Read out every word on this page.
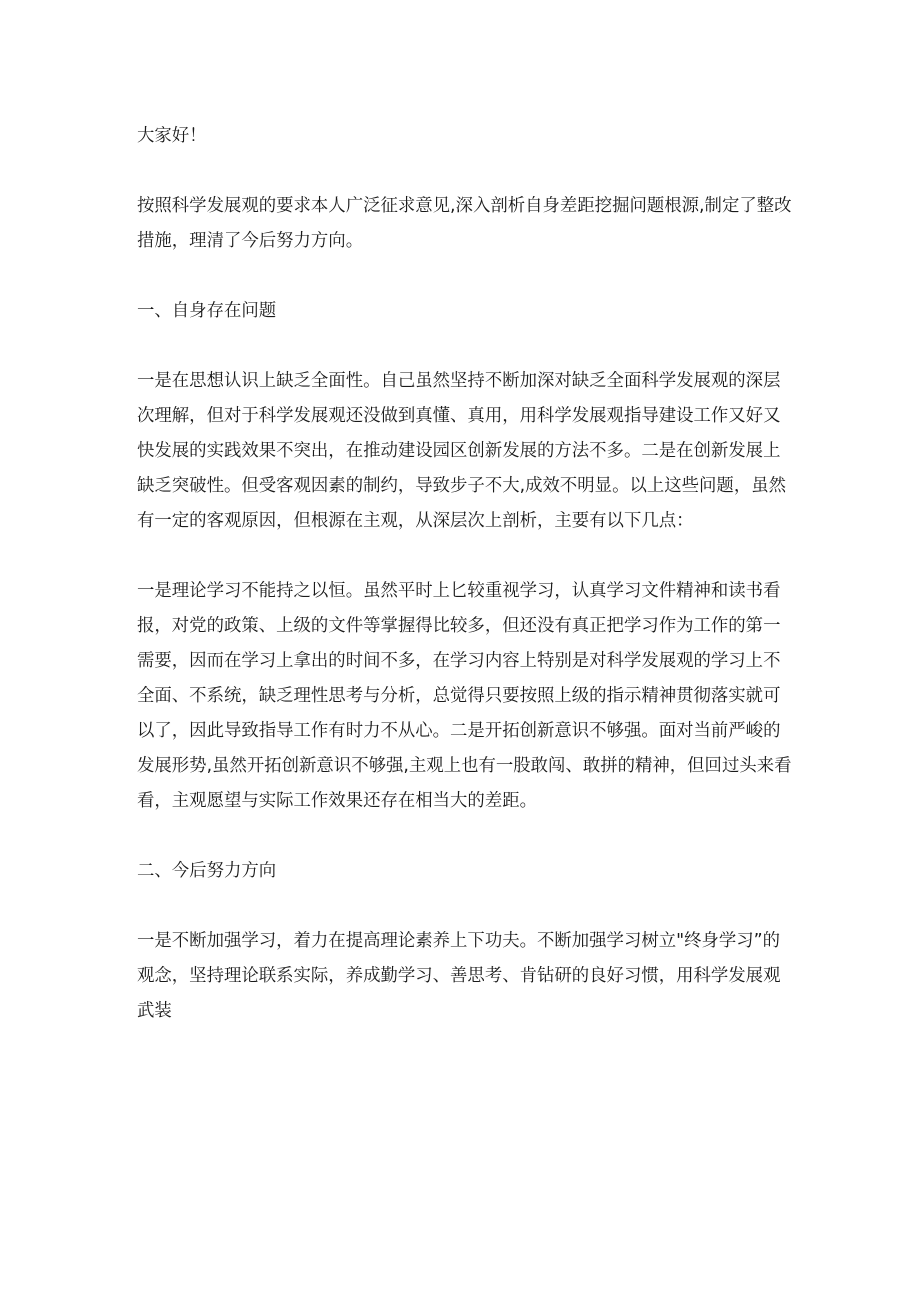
大家好！

按照科学发展观的要求本人广泛征求意见,深入剖析自身差距挖掘问题根源,制定了整改措施，理清了今后努力方向。

一、自身存在问题

一是在思想认识上缺乏全面性。自己虽然坚持不断加深对缺乏全面科学发展观的深层次理解，但对于科学发展观还没做到真懂、真用，用科学发展观指导建设工作又好又快发展的实践效果不突出，在推动建设园区创新发展的方法不多。二是在创新发展上缺乏突破性。但受客观因素的制约，导致步子不大,成效不明显。以上这些问题，虽然有一定的客观原因，但根源在主观，从深层次上剖析，主要有以下几点：

一是理论学习不能持之以恒。虽然平时上匕较重视学习，认真学习文件精神和读书看报，对党的政策、上级的文件等掌握得比较多，但还没有真正把学习作为工作的第一需要，因而在学习上拿出的时间不多，在学习内容上特别是对科学发展观的学习上不全面、不系统，缺乏理性思考与分析，总觉得只要按照上级的指示精神贯彻落实就可以了，因此导致指导工作有时力不从心。二是开拓创新意识不够强。面对当前严峻的发展形势,虽然开拓创新意识不够强,主观上也有一股敢闯、敢拼的精神，但回过头来看看，主观愿望与实际工作效果还存在相当大的差距。

二、今后努力方向

一是不断加强学习，着力在提高理论素养上下功夫。不断加强学习树立"终身学习”的观念，坚持理论联系实际，养成勤学习、善思考、肯钻研的良好习惯，用科学发展观武装
